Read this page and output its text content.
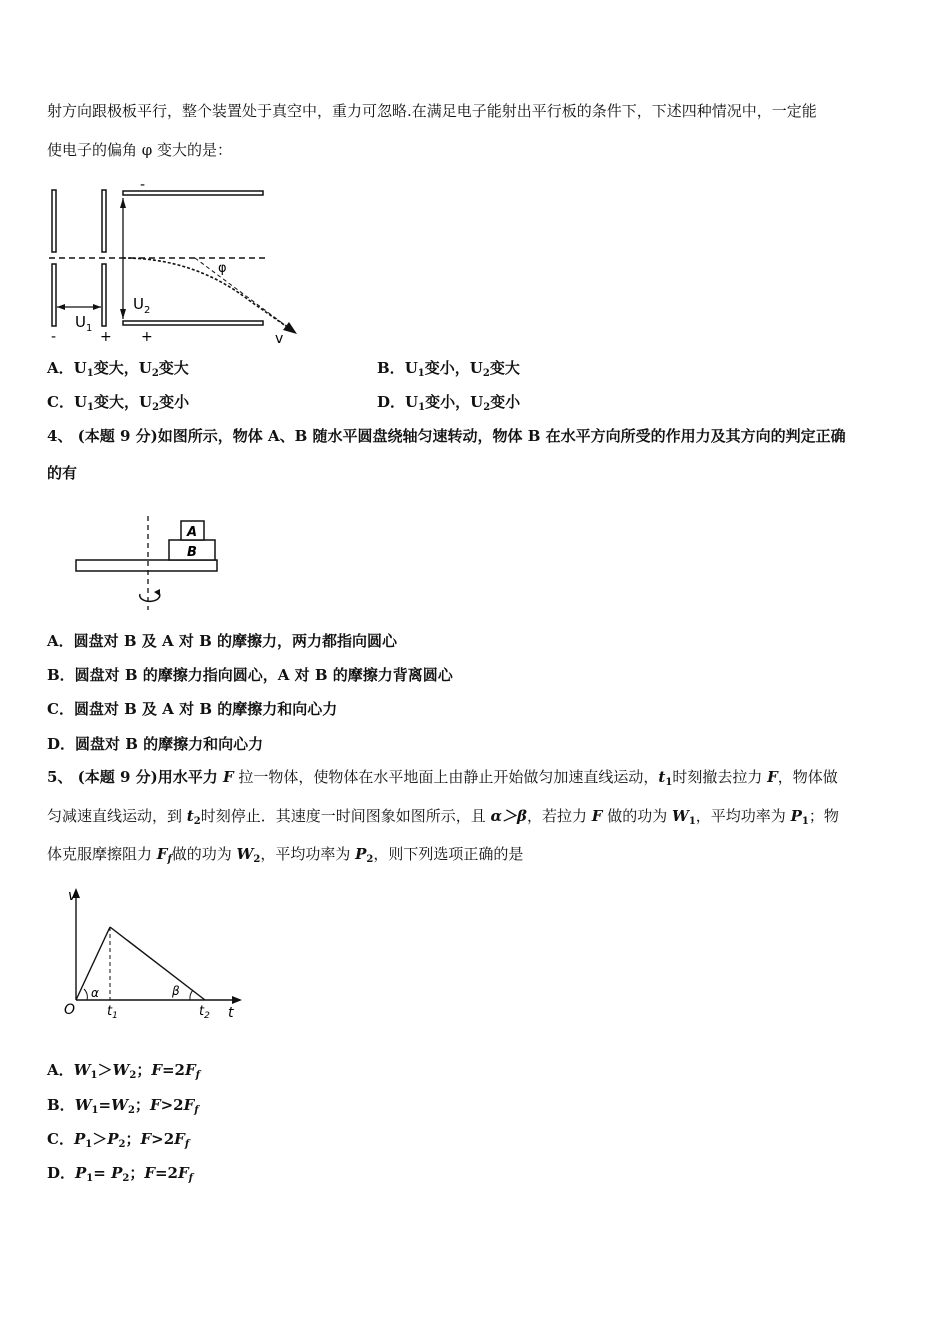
射方向跟极板平行，整个装置处于真空中，重力可忽略.在满足电子能射出平行板的条件下，下述四种情况中，一定能
使电子的偏角 φ 变大的是：
-
φ
$U_2$
$U_1$
-	+ +	v
A．$U_1$变大，$U_2$变大	B．$U_1$变小，$U_2$变大
C．$U_1$变大，$U_2$变小	D．$U_1$变小，$U_2$变小
4、 (本题 9 分)如图所示，物体 A、B 随水平圆盘绕轴匀速转动，物体 B 在水平方向所受的作用力及其方向的判定正确
的有
A
B
A．圆盘对 B 及 A 对 B 的摩擦力，两力都指向圆心
B．圆盘对 B 的摩擦力指向圆心，A 对 B 的摩擦力背离圆心
C．圆盘对 B 及 A 对 B 的摩擦力和向心力
D．圆盘对 B 的摩擦力和向心力
5、 (本题 9 分)用水平力 F 拉一物体，使物体在水平地面上由静止开始做匀加速直线运动，$t_1$时刻撤去拉力 F，物体做
匀减速直线运动，到 $t_2$时刻停止．其速度一时间图象如图所示，且 α＞β，若拉力 F 做的功为 $W_1$，平均功率为 $P_1$；物
体克服摩擦阻力 $F_f$做的功为 $W_2$，平均功率为 $P_2$，则下列选项正确的是
v
t
O $t_1$	$t_2$
α	β
A．$W_1>W_2$；$F=2F_f$
B．$W_1=W_2$；$F>2F_f$
C．$P_1>P_2$；$F>2F_f$
D．$P_1= P_2$；$F=2F_f$
